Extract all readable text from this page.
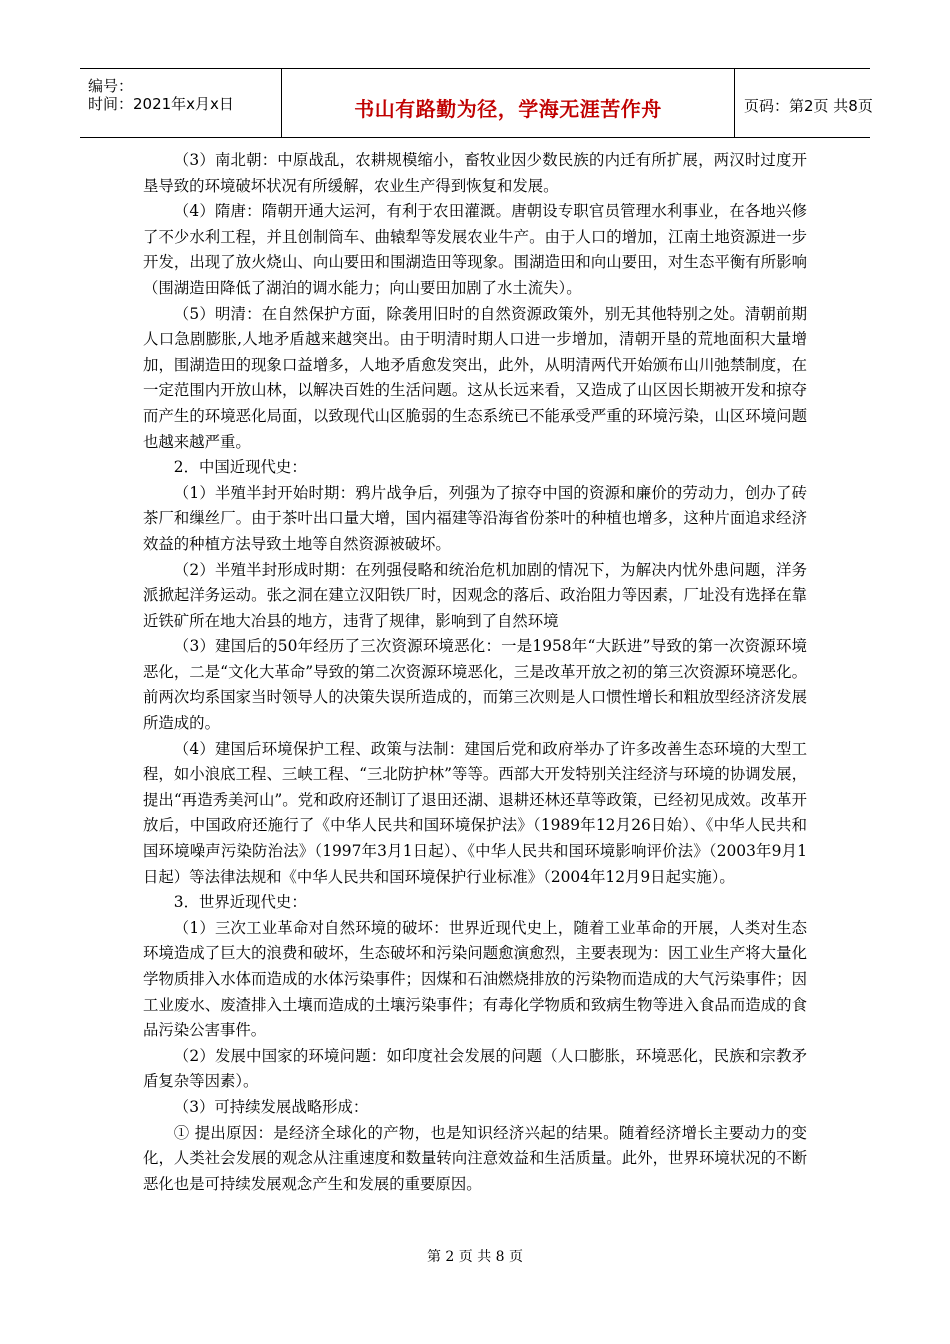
编号：
时间：2021年x月x日	书山有路勤为径，学海无涯苦作舟	页码：第2页 共8页

（3）南北朝：中原战乱，农耕规模缩小，畜牧业因少数民族的内迁有所扩展，两汉时过度开垦导致的环境破坏状况有所缓解，农业生产得到恢复和发展。

（4）隋唐：隋朝开通大运河，有利于农田灌溉。唐朝设专职官员管理水利事业，在各地兴修了不少水利工程，并且创制筒车、曲辕犁等发展农业牛产。由于人口的增加，江南土地资源进一步开发，出现了放火烧山、向山要田和围湖造田等现象。围湖造田和向山要田，对生态平衡有所影响（围湖造田降低了湖泊的调水能力；向山要田加剧了水土流失）。

（5）明清：在自然保护方面，除袭用旧时的自然资源政策外，别无其他特别之处。清朝前期人口急剧膨胀,人地矛盾越来越突出。由于明清时期人口进一步增加，清朝开垦的荒地面积大量增加，围湖造田的现象口益增多，人地矛盾愈发突出，此外，从明清两代开始颁布山川弛禁制度，在一定范围内开放山林，以解决百姓的生活问题。这从长远来看，又造成了山区因长期被开发和掠夺而产生的环境恶化局面，以致现代山区脆弱的生态系统已不能承受严重的环境污染，山区环境问题也越来越严重。

2．中国近现代史：

（1）半殖半封开始时期：鸦片战争后，列强为了掠夺中国的资源和廉价的劳动力，创办了砖茶厂和缫丝厂。由于茶叶出口量大增，国内福建等沿海省份茶叶的种植也增多，这种片面追求经济效益的种植方法导致土地等自然资源被破坏。

（2）半殖半封形成时期：在列强侵略和统治危机加剧的情况下，为解决内忧外患问题，洋务派掀起洋务运动。张之洞在建立汉阳铁厂时，因观念的落后、政治阻力等因素，厂址没有选择在靠近铁矿所在地大冶县的地方，违背了规律，影响到了自然环境

（3）建国后的50年经历了三次资源环境恶化：一是1958年“大跃进”导致的第一次资源环境恶化，二是“文化大革命”导致的第二次资源环境恶化，三是改革开放之初的第三次资源环境恶化。前两次均系国家当时领导人的决策失误所造成的，而第三次则是人口惯性增长和粗放型经济济发展所造成的。

（4）建国后环境保护工程、政策与法制：建国后党和政府举办了许多改善生态环境的大型工程，如小浪底工程、三峡工程、“三北防护林”等等。西部大开发特别关注经济与环境的协调发展，提出“再造秀美河山”。党和政府还制订了退田还湖、退耕还林还草等政策，已经初见成效。改革开放后，中国政府还施行了《中华人民共和国环境保护法》（1989年12月26日始）、《中华人民共和国环境噪声污染防治法》（1997年3月1日起）、《中华人民共和国环境影响评价法》（2003年9月1日起）等法律法规和《中华人民共和国环境保护行业标准》（2004年12月9日起实施）。

3．世界近现代史：

（1）三次工业革命对自然环境的破坏：世界近现代史上，随着工业革命的开展，人类对生态环境造成了巨大的浪费和破坏，生态破坏和污染问题愈演愈烈，主要表现为：因工业生产将大量化学物质排入水体而造成的水体污染事件；因煤和石油燃烧排放的污染物而造成的大气污染事件；因工业废水、废渣排入土壤而造成的土壤污染事件；有毒化学物质和致病生物等进入食品而造成的食品污染公害事件。

（2）发展中国家的环境问题：如印度社会发展的问题（人口膨胀，环境恶化，民族和宗教矛盾复杂等因素）。

（3）可持续发展战略形成：

① 提出原因：是经济全球化的产物，也是知识经济兴起的结果。随着经济增长主要动力的变化，人类社会发展的观念从注重速度和数量转向注意效益和生活质量。此外，世界环境状况的不断恶化也是可持续发展观念产生和发展的重要原因。

第 2 页 共 8 页
